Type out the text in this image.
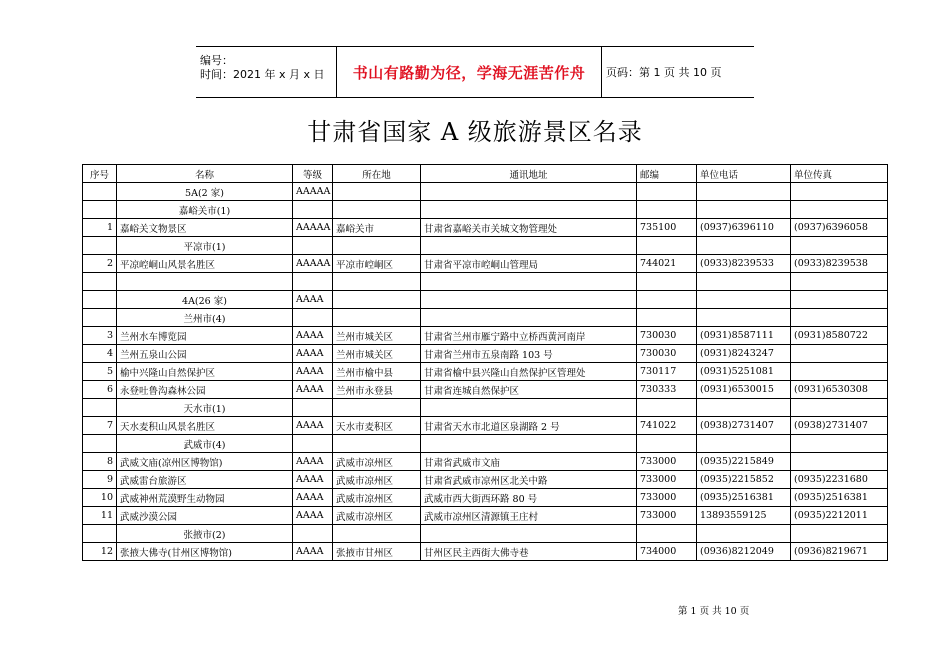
编号：
时间：2021 年 x 月 x 日 书山有路勤为径，学海无涯苦作舟 页码：第 1 页 共 10 页
甘肃省国家 A 级旅游景区名录
序号	名称	等级	所在地	通讯地址	邮编	单位电话	单位传真
	5A(2 家)	AAAAA					
	嘉峪关市(1)						
1	嘉峪关文物景区	AAAAA	嘉峪关市	甘肃省嘉峪关市关城文物管理处	735100	(0937)6396110	(0937)6396058
	平凉市(1)						
2	平凉崆峒山风景名胜区	AAAAA	平凉市崆峒区	甘肃省平凉市崆峒山管理局	744021	(0933)8239533	(0933)8239538

	4A(26 家)	AAAA					
	兰州市(4)						
3	兰州水车博览园	AAAA	兰州市城关区	甘肃省兰州市雁宁路中立桥西黄河南岸	730030	(0931)8587111	(0931)8580722
4	兰州五泉山公园	AAAA	兰州市城关区	甘肃省兰州市五泉南路 103 号	730030	(0931)8243247	
5	榆中兴隆山自然保护区	AAAA	兰州市榆中县	甘肃省榆中县兴隆山自然保护区管理处	730117	(0931)5251081	
6	永登吐鲁沟森林公园	AAAA	兰州市永登县	甘肃省连城自然保护区	730333	(0931)6530015	(0931)6530308
	天水市(1)						
7	天水麦积山风景名胜区	AAAA	天水市麦积区	甘肃省天水市北道区泉湖路 2 号	741022	(0938)2731407	(0938)2731407
	武威市(4)						
8	武威文庙(凉州区博物馆)	AAAA	武威市凉州区	甘肃省武威市文庙	733000	(0935)2215849	
9	武威雷台旅游区	AAAA	武威市凉州区	甘肃省武威市凉州区北关中路	733000	(0935)2215852	(0935)2231680
10	武威神州荒漠野生动物园	AAAA	武威市凉州区	武威市西大街西环路 80 号	733000	(0935)2516381	(0935)2516381
11	武威沙漠公园	AAAA	武威市凉州区	武威市凉州区清源镇王庄村	733000	13893559125	(0935)2212011
	张掖市(2)						
12	张掖大佛寺(甘州区博物馆)	AAAA	张掖市甘州区	甘州区民主西街大佛寺巷	734000	(0936)8212049	(0936)8219671
第 1 页 共 10 页
